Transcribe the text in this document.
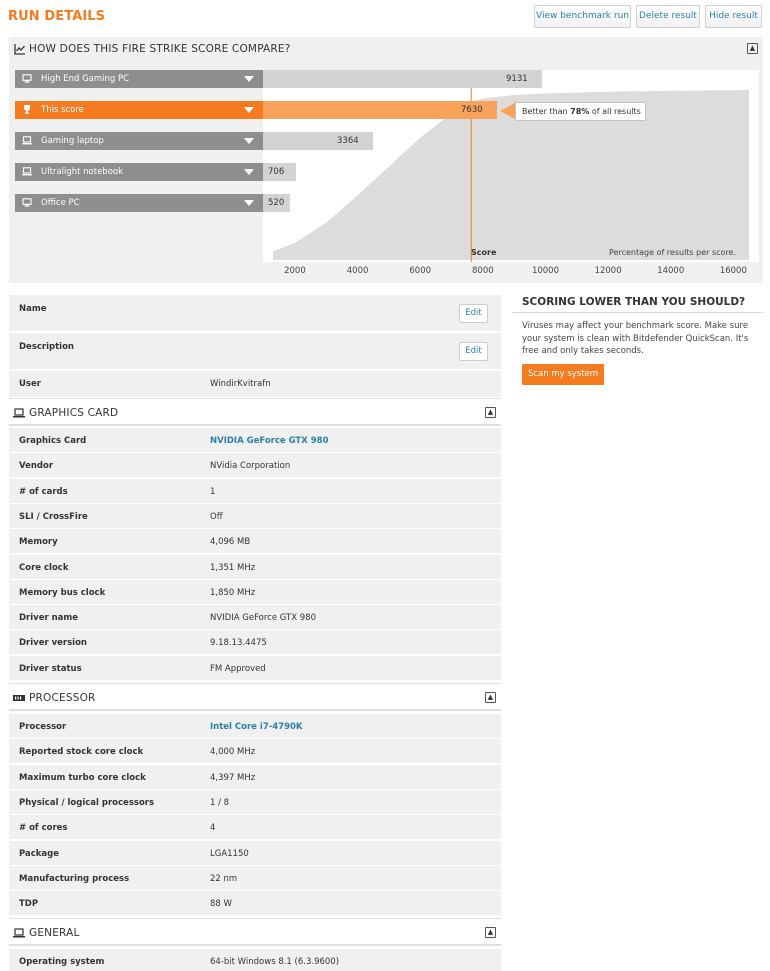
RUN DETAILS	View benchmark run	Delete result	Hide result
HOW DOES THIS FIRE STRIKE SCORE COMPARE?	▲
High End Gaming PC	9131
This score	7630
Gaming laptop	3364
Ultralight notebook	706
Office PC	520
Better than 78% of all results
Score	Percentage of results per score.
2000	4000	6000	8000	10000	12000	14000	16000
Name	Edit
Description	Edit
User	WindirKvitrafn
GRAPHICS CARD	▲
Graphics Card	NVIDIA GeForce GTX 980
Vendor	NVidia Corporation
# of cards	1
SLI / CrossFire	Off
Memory	4,096 MB
Core clock	1,351 MHz
Memory bus clock	1,850 MHz
Driver name	NVIDIA GeForce GTX 980
Driver version	9.18.13.4475
Driver status	FM Approved
PROCESSOR	▲
Processor	Intel Core i7-4790K
Reported stock core clock	4,000 MHz
Maximum turbo core clock	4,397 MHz
Physical / logical processors	1 / 8
# of cores	4
Package	LGA1150
Manufacturing process	22 nm
TDP	88 W
GENERAL	▲
Operating system	64-bit Windows 8.1 (6.3.9600)
SCORING LOWER THAN YOU SHOULD?
Viruses may affect your benchmark score. Make sure your system is clean with Bitdefender QuickScan. It's free and only takes seconds.
Scan my system
